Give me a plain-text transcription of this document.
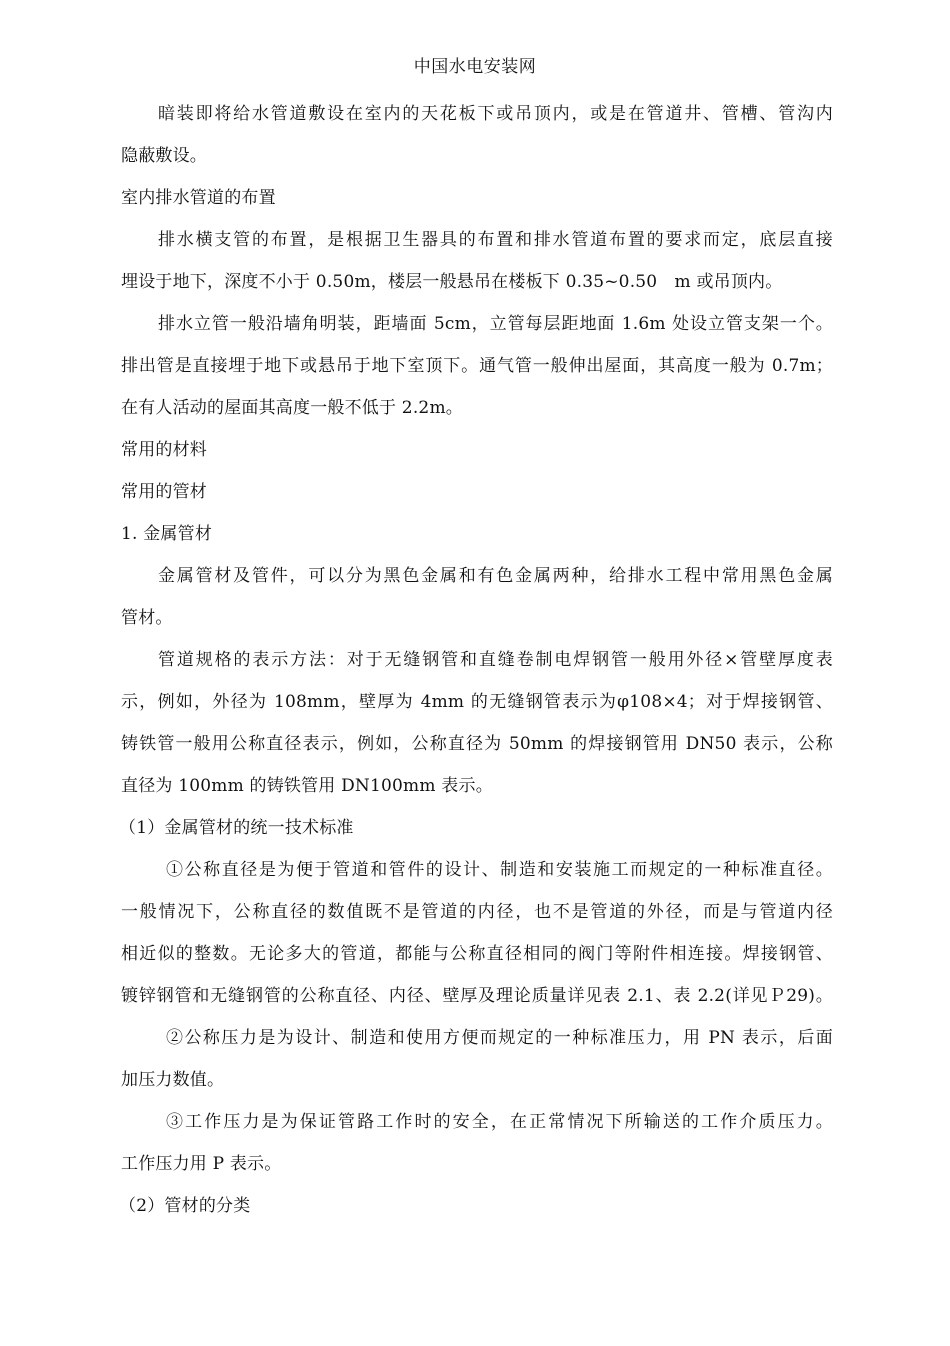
中国水电安装网
暗装即将给水管道敷设在室内的天花板下或吊顶内，或是在管道井、管槽、管沟内
隐蔽敷设。
室内排水管道的布置
排水横支管的布置，是根据卫生器具的布置和排水管道布置的要求而定，底层直接
埋设于地下，深度不小于 0.50m，楼层一般悬吊在楼板下 0.35~0.50　m 或吊顶内。
排水立管一般沿墙角明装，距墙面 5cm，立管每层距地面 1.6m 处设立管支架一个。
排出管是直接埋于地下或悬吊于地下室顶下。通气管一般伸出屋面，其高度一般为 0.7m；
在有人活动的屋面其高度一般不低于 2.2m。
常用的材料
常用的管材
1. 金属管材
金属管材及管件，可以分为黑色金属和有色金属两种，给排水工程中常用黑色金属
管材。
管道规格的表示方法：对于无缝钢管和直缝卷制电焊钢管一般用外径×管壁厚度表
示，例如，外径为 108mm，壁厚为 4mm 的无缝钢管表示为φ108×4；对于焊接钢管、
铸铁管一般用公称直径表示，例如，公称直径为 50mm 的焊接钢管用 DN50 表示，公称
直径为 100mm 的铸铁管用 DN100mm 表示。
（1）金属管材的统一技术标准
①公称直径是为便于管道和管件的设计、制造和安装施工而规定的一种标准直径。
一般情况下，公称直径的数值既不是管道的内径，也不是管道的外径，而是与管道内径
相近似的整数。无论多大的管道，都能与公称直径相同的阀门等附件相连接。焊接钢管、
镀锌钢管和无缝钢管的公称直径、内径、壁厚及理论质量详见表 2.1、表 2.2(详见Ｐ29)。
②公称压力是为设计、制造和使用方便而规定的一种标准压力，用 PN 表示，后面
加压力数值。
③工作压力是为保证管路工作时的安全，在正常情况下所输送的工作介质压力。
工作压力用 P 表示。
（2）管材的分类
